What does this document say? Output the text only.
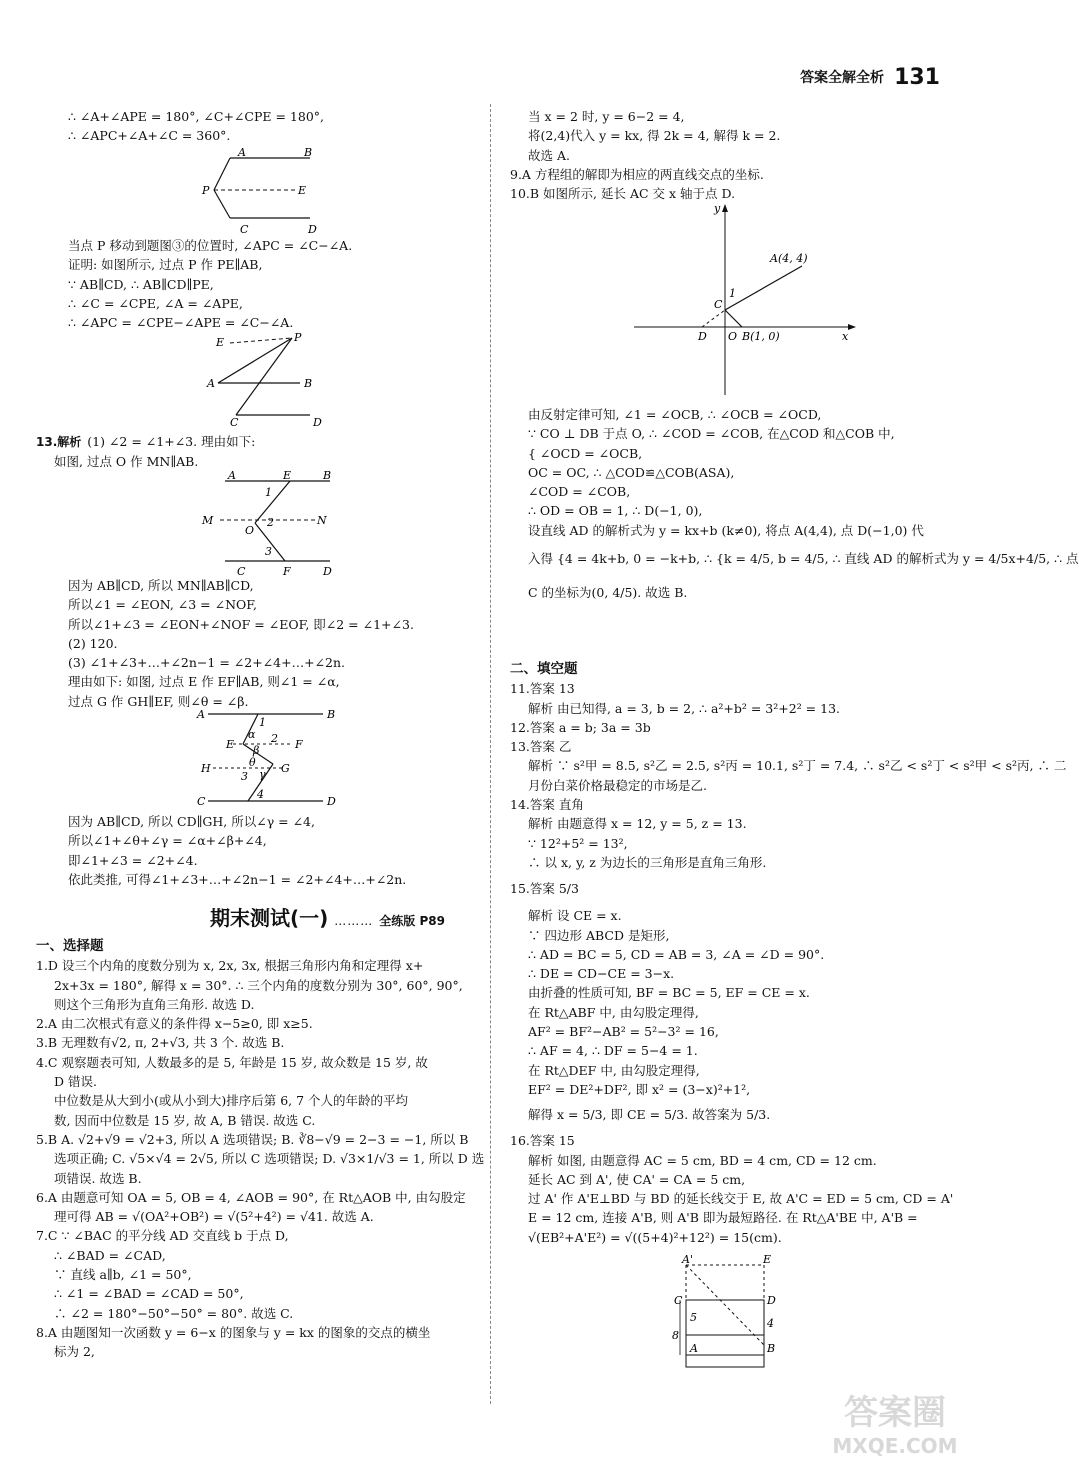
答案全解全析 131
∴ ∠A+∠APE = 180°, ∠C+∠CPE = 180°,
∴ ∠APC+∠A+∠C = 360°.
A	B
P	E
C	D
当点 P 移动到题图③的位置时, ∠APC = ∠C−∠A.
证明: 如图所示, 过点 P 作 PE∥AB,
∵ AB∥CD, ∴ AB∥CD∥PE,
∴ ∠C = ∠CPE, ∠A = ∠APE,
∴ ∠APC = ∠CPE−∠APE = ∠C−∠A.
E	P
A	B
C	D
13.解析 (1) ∠2 = ∠1+∠3. 理由如下:
如图, 过点 O 作 MN∥AB.
A	E	B
1
M	2	N
O
3
C	F	D
因为 AB∥CD, 所以 MN∥AB∥CD,
所以∠1 = ∠EON, ∠3 = ∠NOF,
所以∠1+∠3 = ∠EON+∠NOF = ∠EOF, 即∠2 = ∠1+∠3.
(2) 120.
(3) ∠1+∠3+…+∠2n−1 = ∠2+∠4+…+∠2n.
理由如下: 如图, 过点 E 作 EF∥AB, 则∠1 = ∠α,
过点 G 作 GH∥EF, 则∠θ = ∠β.
A	B
1
E
α
β
2 F
θ
3 γ
H	G
4
C	D
因为 AB∥CD, 所以 CD∥GH, 所以∠γ = ∠4,
所以∠1+∠θ+∠γ = ∠α+∠β+∠4,
即∠1+∠3 = ∠2+∠4.
依此类推, 可得∠1+∠3+…+∠2n−1 = ∠2+∠4+…+∠2n.
期末测试(一) ……… 全练版 P89
一、选择题
1.D 设三个内角的度数分别为 x, 2x, 3x, 根据三角形内角和定理得 x+
2x+3x = 180°, 解得 x = 30°. ∴ 三个内角的度数分别为 30°, 60°, 90°,
则这个三角形为直角三角形. 故选 D.
2.A 由二次根式有意义的条件得 x−5≥0, 即 x≥5.
3.B 无理数有√2, π, 2+√3, 共 3 个. 故选 B.
4.C 观察题表可知, 人数最多的是 5, 年龄是 15 岁, 故众数是 15 岁, 故
D 错误.
中位数是从大到小(或从小到大)排序后第 6, 7 个人的年龄的平均
数, 因而中位数是 15 岁, 故 A, B 错误. 故选 C.
5.B A. √2+√9 = √2+3, 所以 A 选项错误; B. ∛8−√9 = 2−3 = −1, 所以 B
选项正确; C. √5×√4 = 2√5, 所以 C 选项错误; D. √3×1/√3 = 1, 所以 D 选
项错误. 故选 B.
6.A 由题意可知 OA = 5, OB = 4, ∠AOB = 90°, 在 Rt△AOB 中, 由勾股定
理可得 AB = √(OA²+OB²) = √(5²+4²) = √41. 故选 A.
7.C ∵ ∠BAC 的平分线 AD 交直线 b 于点 D,
∴ ∠BAD = ∠CAD,
∵ 直线 a∥b, ∠1 = 50°,
∴ ∠1 = ∠BAD = ∠CAD = 50°,
∴ ∠2 = 180°−50°−50° = 80°. 故选 C.
8.A 由题图知一次函数 y = 6−x 的图象与 y = kx 的图象的交点的横坐
标为 2,
当 x = 2 时, y = 6−2 = 4,
将(2,4)代入 y = kx, 得 2k = 4, 解得 k = 2.
故选 A.
9.A 方程组的解即为相应的两直线交点的坐标.
10.B 如图所示, 延长 AC 交 x 轴于点 D.
y
x
A(4, 4)
C
1
D O B(1, 0)
由反射定律可知, ∠1 = ∠OCB, ∴ ∠OCB = ∠OCD,
∵ CO ⊥ DB 于点 O, ∴ ∠COD = ∠COB, 在△COD 和△COB 中,
{ ∠OCD = ∠OCB,
OC = OC, ∴ △COD≌△COB(ASA),
∠COD = ∠COB,
∴ OD = OB = 1, ∴ D(−1, 0),
设直线 AD 的解析式为 y = kx+b (k≠0), 将点 A(4,4), 点 D(−1,0) 代
入得 {4 = 4k+b, 0 = −k+b, ∴ {k = 4/5, b = 4/5, ∴ 直线 AD 的解析式为 y = 4/5x+4/5, ∴ 点
C 的坐标为(0, 4/5). 故选 B.
二、填空题
11.答案 13
解析 由已知得, a = 3, b = 2, ∴ a²+b² = 3²+2² = 13.
12.答案 a = b; 3a = 3b
13.答案 乙
解析 ∵ s²甲 = 8.5, s²乙 = 2.5, s²丙 = 10.1, s²丁 = 7.4, ∴ s²乙 < s²丁 < s²甲 < s²丙, ∴ 二
月份白菜价格最稳定的市场是乙.
14.答案 直角
解析 由题意得 x = 12, y = 5, z = 13.
∵ 12²+5² = 13²,
∴ 以 x, y, z 为边长的三角形是直角三角形.
15.答案 5/3
解析 设 CE = x.
∵ 四边形 ABCD 是矩形,
∴ AD = BC = 5, CD = AB = 3, ∠A = ∠D = 90°.
∴ DE = CD−CE = 3−x.
由折叠的性质可知, BF = BC = 5, EF = CE = x.
在 Rt△ABF 中, 由勾股定理得,
AF² = BF²−AB² = 5²−3² = 16,
∴ AF = 4, ∴ DF = 5−4 = 1.
在 Rt△DEF 中, 由勾股定理得,
EF² = DE²+DF², 即 x² = (3−x)²+1²,
解得 x = 5/3, 即 CE = 5/3. 故答案为 5/3.
16.答案 15
解析 如图, 由题意得 AC = 5 cm, BD = 4 cm, CD = 12 cm.
延长 AC 到 A', 使 CA' = CA = 5 cm,
过 A' 作 A'E⊥BD 与 BD 的延长线交于 E, 故 A'C = ED = 5 cm, CD = A'
E = 12 cm, 连接 A'B, 则 A'B 即为最短路径. 在 Rt△A'BE 中, A'B =
√(EB²+A'E²) = √((5+4)²+12²) = 15(cm).
A'	E
C	D
5
8
4
A	B
答案圈
MXQE.COM
